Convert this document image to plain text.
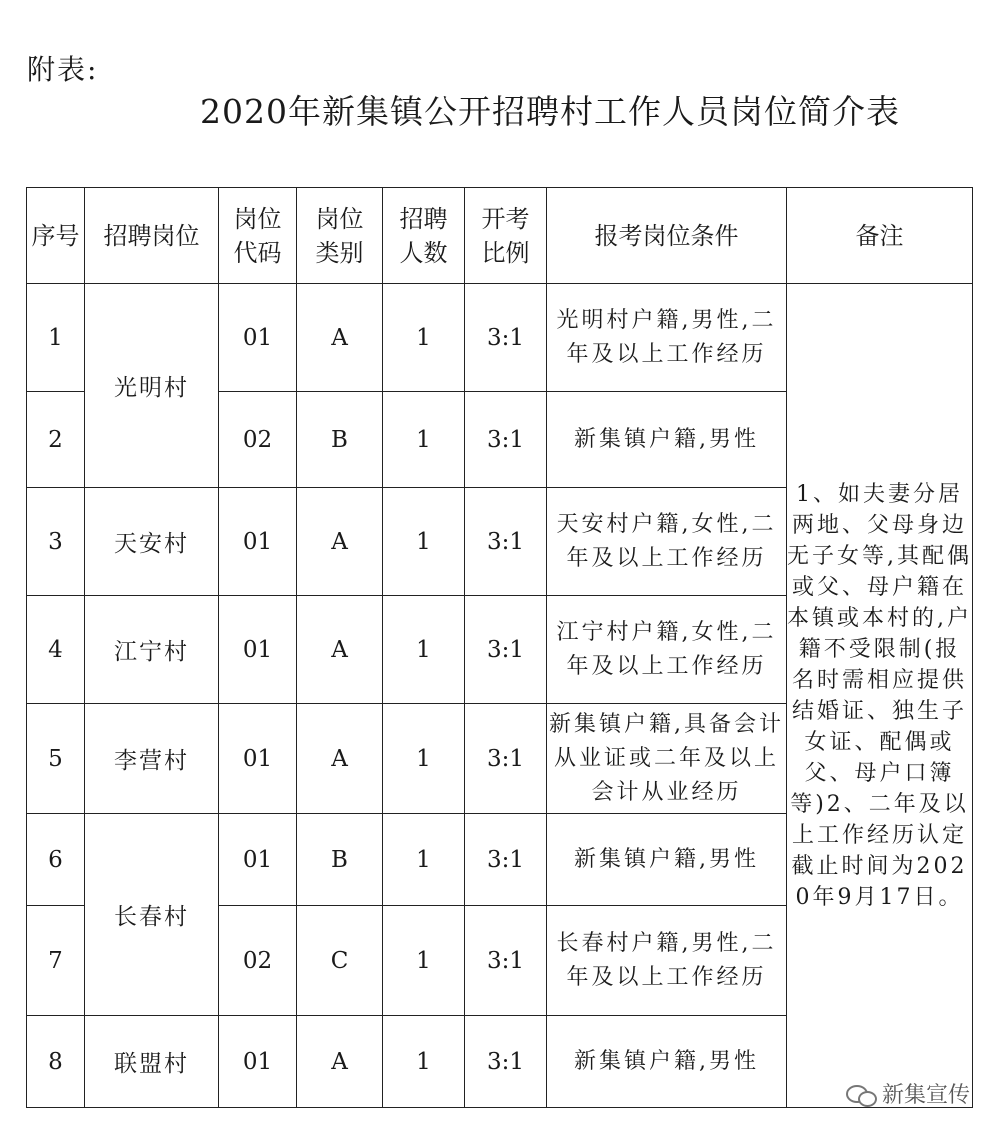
附表:
2020年新集镇公开招聘村工作人员岗位简介表
序号	招聘岗位	岗位代码	岗位类别	招聘人数	开考比例	报考岗位条件	备注
1	光明村	01	A	1	3:1	光明村户籍,男性,二年及以上工作经历	1、如夫妻分居两地、父母身边无子女等,其配偶或父、母户籍在本镇或本村的,户籍不受限制(报名时需相应提供结婚证、独生子女证、配偶或父、母户口簿等)2、二年及以上工作经历认定截止时间为2020年9月17日。
2		02	B	1	3:1	新集镇户籍,男性	
3	天安村	01	A	1	3:1	天安村户籍,女性,二年及以上工作经历	
4	江宁村	01	A	1	3:1	江宁村户籍,女性,二年及以上工作经历	
5	李营村	01	A	1	3:1	新集镇户籍,具备会计从业证或二年及以上会计从业经历	
6	长春村	01	B	1	3:1	新集镇户籍,男性	
7		02	C	1	3:1	长春村户籍,男性,二年及以上工作经历	
8	联盟村	01	A	1	3:1	新集镇户籍,男性	
新集宣传
